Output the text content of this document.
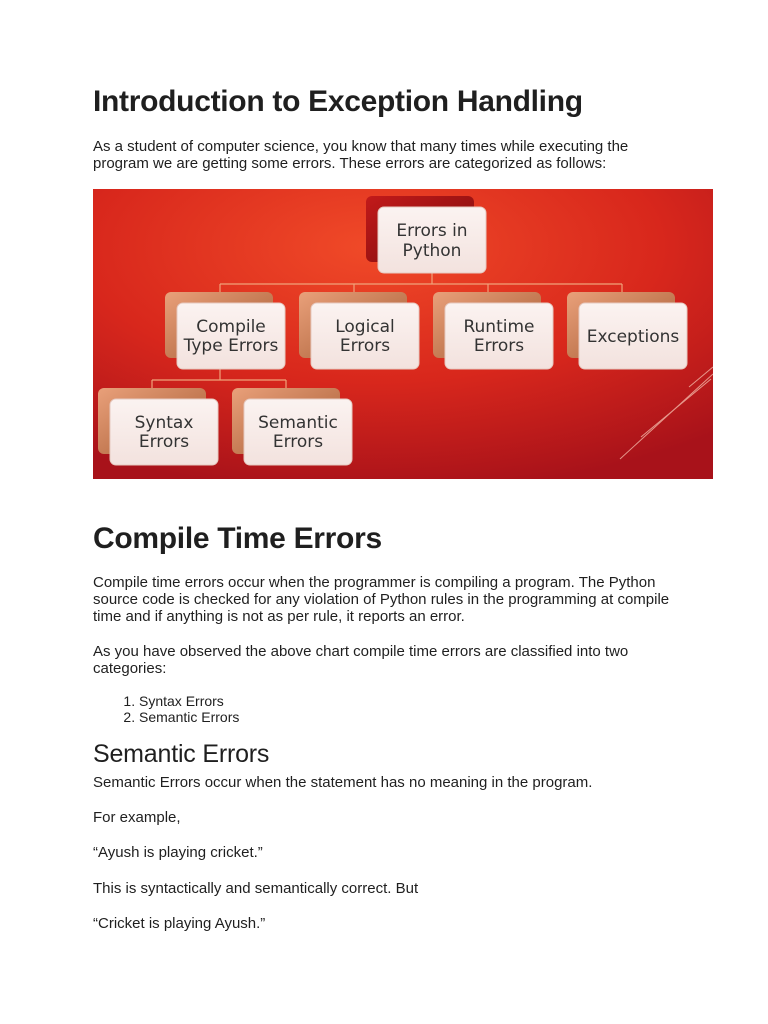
Introduction to Exception Handling

As a student of computer science, you know that many times while executing the program we are getting some errors. These errors are categorized as follows:

Compile Time Errors

Compile time errors occur when the programmer is compiling a program. The Python source code is checked for any violation of Python rules in the programming at compile time and if anything is not as per rule, it reports an error.

As you have observed the above chart compile time errors are classified into two categories:

1. Syntax Errors
2. Semantic Errors
Semantic Errors

Semantic Errors occur when the statement has no meaning in the program.

For example,

“Ayush is playing cricket.”

This is syntactically and semantically correct. But

“Cricket is playing Ayush.”

Errors in
Python
Compile
Type Errors
Logical
Errors
Runtime
Errors	Exceptions
Syntax
Errors
Semantic
Errors
